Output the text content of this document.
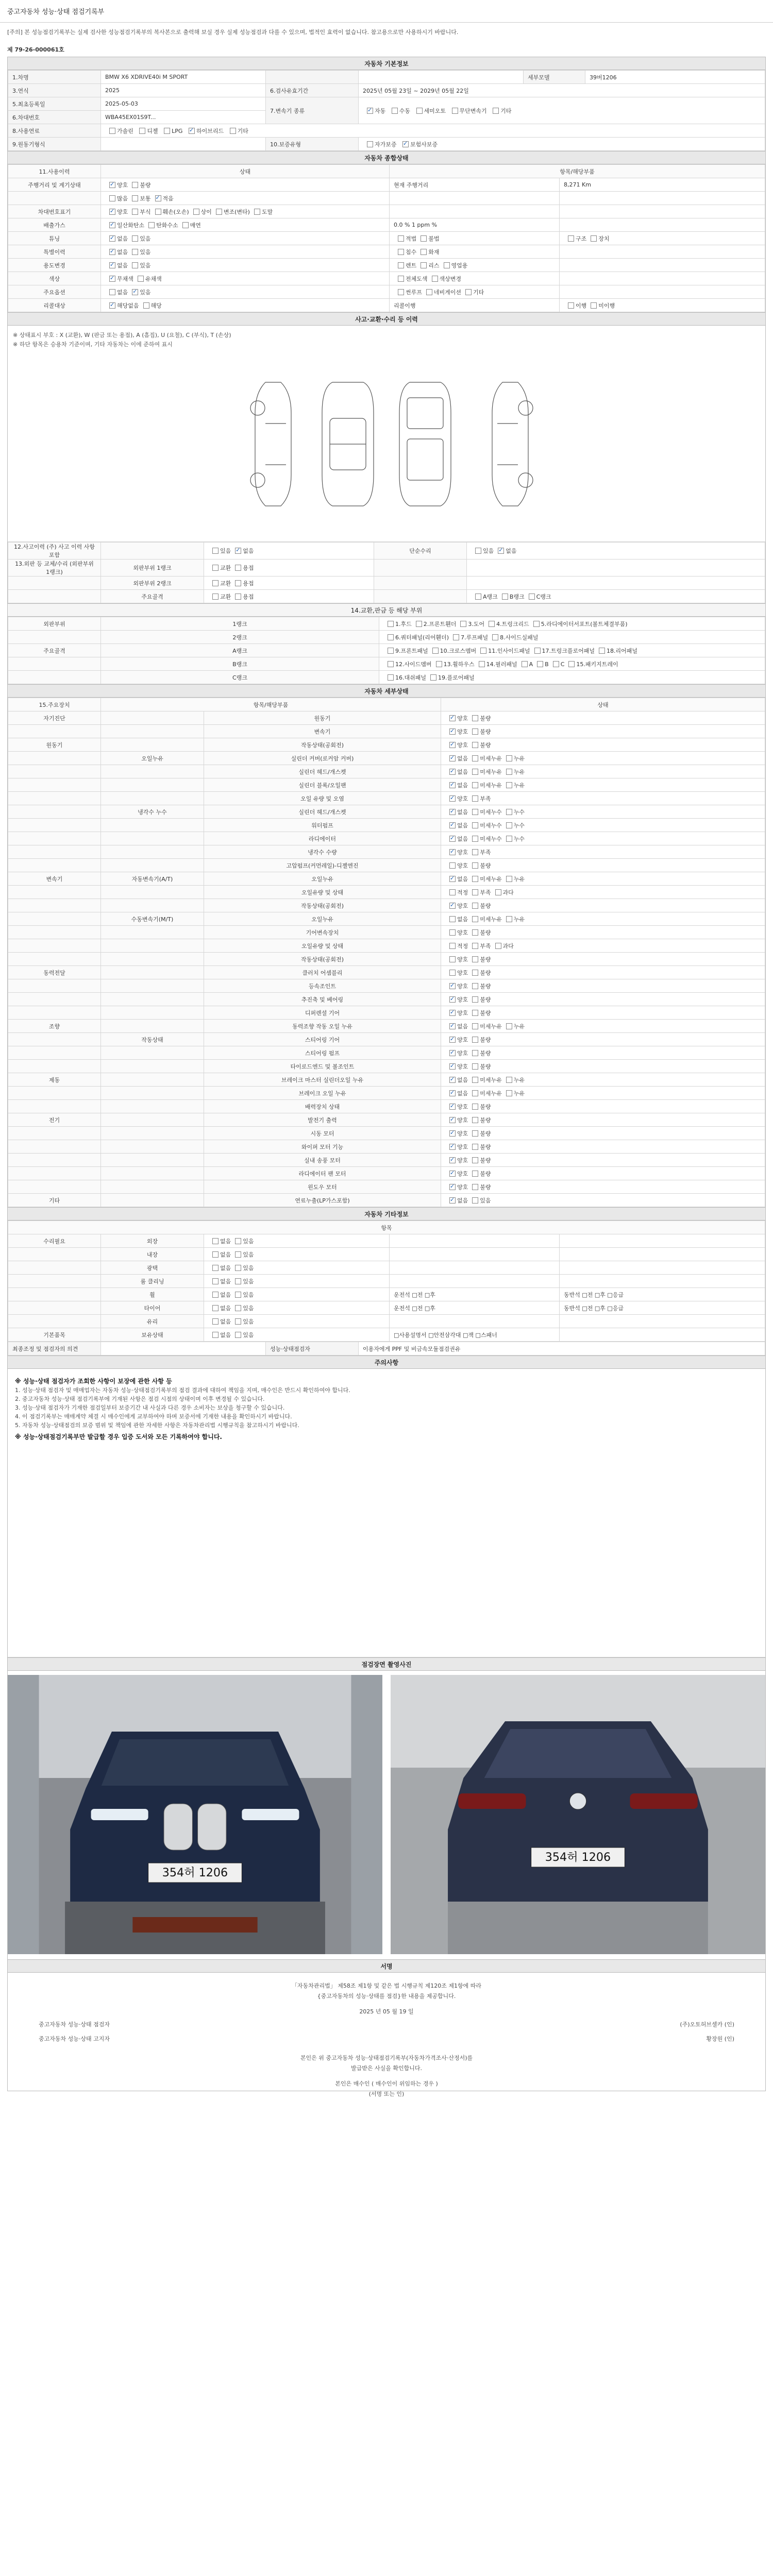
중고자동차 성능·상태 점검기록부
[주의] 본 성능점검기록부는 실제 검사한 성능점검기록부의 복사본으로 출력해 보실 경우 실제 성능점검과 다를 수 있으며, 법적인 효력이 없습니다. 참고용으로만 사용하시기 바랍니다.
제 79-26-000061호
자동차 기본정보
1.차명	BMW X6 XDRIVE40i M SPORT			세부모델	39버1206
3.연식	2025	6.검사유효기간	2025년 05월 23일 ~ 2029년 05월 22일		
5.최초등록일	2025-05-03	7.변속기 종류	✓자동 수동 세미오토 무단변속기 기타
6.차대번호	WBA45EX01S9T...				
8.사용연료	가솔린 디젤 LPG ✓ 하이브리드 기타
9.원동기형식		10.보증유형	자가보증 ✓ 보험사보증
자동차 종합상태
11.사용이력	상태	항목/해당부품	
주행거리 및 계기상태	✓양호 불량	현재 주행거리	8,271 Km
	많음 보통 ✓ 적음		
차대번호표기	✓양호 부식 훼손(오손) 상이 변조(변타) 도말		
배출가스	✓일산화탄소 탄화수소 매연	0.0 % 1 ppm %	
튜닝	✓없음 있음	적법 불법	구조 장치
특별이력	✓없음 있음	침수 화재	
용도변경	✓없음 있음	렌트 리스 영업용	
색상	✓무채색 유채색	전체도색 색상변경	
주요옵션	없음 ✓ 있음	썬루프 네비게이션 기타	
리콜대상	✓해당없음 해당	리콜이행	이행 미이행
사고·교환·수리 등 이력
※ 상태표시 부호 : X (교환), W (판금 또는 용접), A (흠집), U (요철), C (부식), T (손상)
※ 하단 항목은 승용차 기준이며, 기타 자동차는 이에 준하여 표시
12.사고이력 (주) 사고 이력 사항 포함		있음 ✓ 없음	단순수리	있음 ✓ 없음
13.외판 등 교체/수리 (외판부위 1랭크)	외판부위 1랭크	교환 용접		
	외판부위 2랭크	교환 용접		
	주요골격	교환 용접		A랭크 B랭크 C랭크
14.교환,판금 등 해당 부위
외판부위	1랭크	1.후드 2.프론트휀더 3.도어 4.트렁크리드 5.라디에이터서포트(볼트체결부품)
	2랭크	6.쿼터패널(리어휀더) 7.루프패널 8.사이드실패널
주요골격	A랭크	9.프론트패널 10.크로스멤버 11.인사이드패널 17.트렁크플로어패널 18.리어패널
	B랭크	12.사이드멤버 13.휠하우스 14.필러패널 A B C 15.패키지트레이
	C랭크	16.대쉬패널 19.플로어패널
자동차 세부상태
15.주요장치	항목/해당부품		상태
자기진단		원동기	✓양호 불량
		변속기	✓양호 불량
원동기		작동상태(공회전)	✓양호 불량
	오일누유	실린더 커버(로커암 커버)	✓없음 미세누유 누유
		실린더 헤드/개스켓	✓없음 미세누유 누유
		실린더 블록/오일팬	✓없음 미세누유 누유
		오일 유량 및 오염	✓양호 부족
	냉각수 누수	실린더 헤드/개스켓	✓없음 미세누수 누수
		워터펌프	✓없음 미세누수 누수
		라디에이터	✓없음 미세누수 누수
		냉각수 수량	✓양호 부족
		고압펌프(커먼레일)-디젤엔진	양호 불량
변속기	자동변속기(A/T)	오일누유	✓없음 미세누유 누유
		오일유량 및 상태	적정 부족 과다
		작동상태(공회전)	✓양호 불량
	수동변속기(M/T)	오일누유	없음 미세누유 누유
		기어변속장치	양호 불량
		오일유량 및 상태	적정 부족 과다
		작동상태(공회전)	양호 불량
동력전달		클러치 어셈블리	양호 불량
		등속조인트	✓양호 불량
		추진축 및 베어링	✓양호 불량
		디퍼렌셜 기어	✓양호 불량
조향		동력조향 작동 오일 누유	✓없음 미세누유 누유
	작동상태	스티어링 기어	✓양호 불량
		스티어링 펌프	✓양호 불량
		타이로드엔드 및 볼조인트	✓양호 불량
제동		브레이크 마스터 실린더오일 누유	✓없음 미세누유 누유
		브레이크 오일 누유	✓없음 미세누유 누유
		배력장치 상태	✓양호 불량
전기		발전기 출력	✓양호 불량
		시동 모터	✓양호 불량
		와이퍼 모터 기능	✓양호 불량
		실내 송풍 모터	✓양호 불량
		라디에이터 팬 모터	✓양호 불량
		윈도우 모터	✓양호 불량
기타		연료누출(LP가스포함)	✓없음 있음
자동차 기타정보
항목				
수리필요	외장	없음 있음		
	내장	없음 있음		
	광택	없음 있음		
	룸 클리닝	없음 있음		
	휠	없음 있음	운전석 □전 □후	동반석 □전 □후 □응급
	타이어	없음 있음	운전석 □전 □후	동반석 □전 □후 □응급
	유리	없음 있음		
기본품목	보유상태	없음 있음	□사용설명서 □안전삼각대 □잭 □스패너	
최종조정 및 점검자의 의견		성능·상태점검자	이용자에게 PPF 및 비금속모듈점검권유
주의사항
※ 성능·상태 점검자가 조회한 사항이 보장에 관한 사항 등
1. 성능·상태 점검자 및 매매업자는 자동차 성능·상태점검기록부의 점검 결과에 대하여 책임을 지며, 매수인은 반드시 확인하여야 합니다.
2. 중고자동차 성능·상태 점검기록부에 기재된 사항은 점검 시점의 상태이며 이후 변경될 수 있습니다.
3. 성능·상태 점검자가 기재한 점검일부터 보증기간 내 사실과 다른 경우 소비자는 보상을 청구할 수 있습니다.
4. 이 점검기록부는 매매계약 체결 시 매수인에게 교부하여야 하며 보증서에 기재한 내용을 확인하시기 바랍니다.
5. 자동차 성능·상태점검의 보증 범위 및 책임에 관한 자세한 사항은 자동차관리법 시행규칙을 참고하시기 바랍니다.
※ 성능·상태점검기록부만 발급할 경우 입증 도서와 모든 기록하여야 합니다.
점검장면 촬영사진
354허 1206
354허 1206
서명
「자동차관리법」 제58조 제1항 및 같은 법 시행규칙 제120조 제1항에 따라
{중고자동차의 성능·상태를 점검}한 내용을 제공합니다.
2025 년 05 월 19 일
중고자동차 성능·상태 점검자	(주)오토허브셀카 (인)
중고자동차 성능·상태 고지자	황장원 (인)
본인은 위 중고자동차 성능·상태점검기록부(자동차가격조사·산정서)를
발급받은 사실을 확인합니다.
본인은 매수인 ( 매수인이 위임하는 경우 )
(서명 또는 인)
